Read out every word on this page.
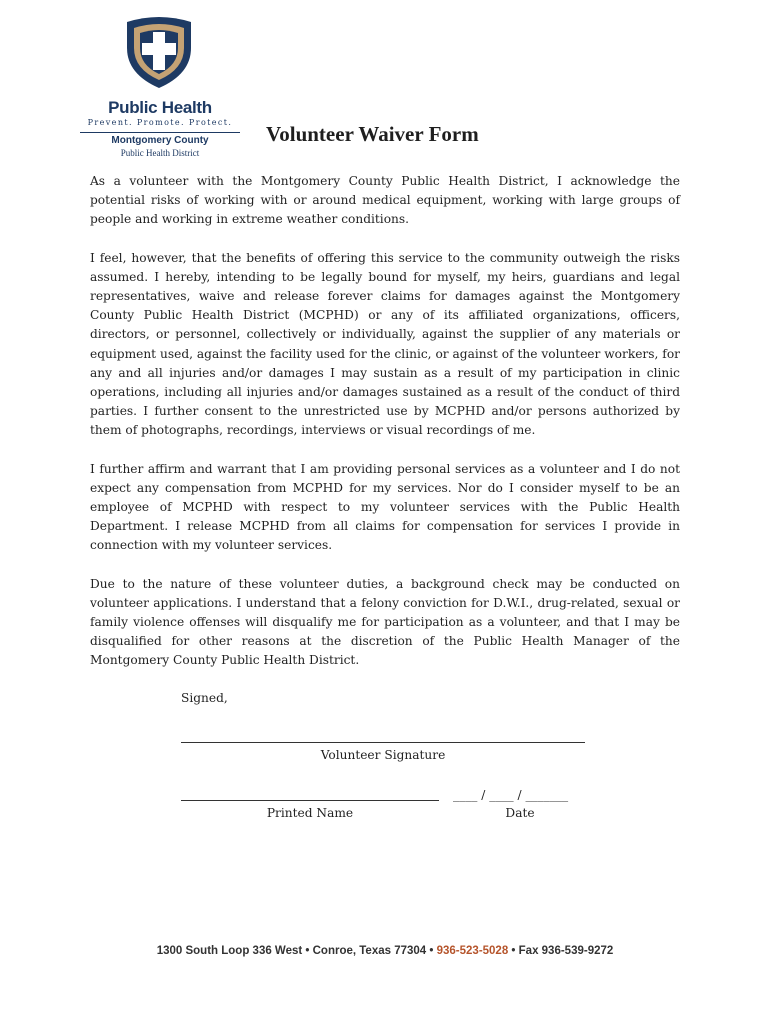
Public Health
Prevent. Promote. Protect.
Montgomery County
Public Health District
Volunteer Waiver Form

As a volunteer with the Montgomery County Public Health District, I acknowledge the potential risks of working with or around medical equipment, working with large groups of people and working in extreme weather conditions.

I feel, however, that the benefits of offering this service to the community outweigh the risks assumed. I hereby, intending to be legally bound for myself, my heirs, guardians and legal representatives, waive and release forever claims for damages against the Montgomery County Public Health District (MCPHD) or any of its affiliated organizations, officers, directors, or personnel, collectively or individually, against the supplier of any materials or equipment used, against the facility used for the clinic, or against of the volunteer workers, for any and all injuries and/or damages I may sustain as a result of my participation in clinic operations, including all injuries and/or damages sustained as a result of the conduct of third parties. I further consent to the unrestricted use by MCPHD and/or persons authorized by them of photographs, recordings, interviews or visual recordings of me.

I further affirm and warrant that I am providing personal services as a volunteer and I do not expect any compensation from MCPHD for my services. Nor do I consider myself to be an employee of MCPHD with respect to my volunteer services with the Public Health Department. I release MCPHD from all claims for compensation for services I provide in connection with my volunteer services.

Due to the nature of these volunteer duties, a background check may be conducted on volunteer applications. I understand that a felony conviction for D.W.I., drug-related, sexual or family violence offenses will disqualify me for participation as a volunteer, and that I may be disqualified for other reasons at the discretion of the Public Health Manager of the Montgomery County Public Health District.

Signed,
Volunteer Signature
Printed Name
____ / ____ / _______
Date
1300 South Loop 336 West • Conroe, Texas 77304 • 936-523-5028 • Fax 936-539-9272
